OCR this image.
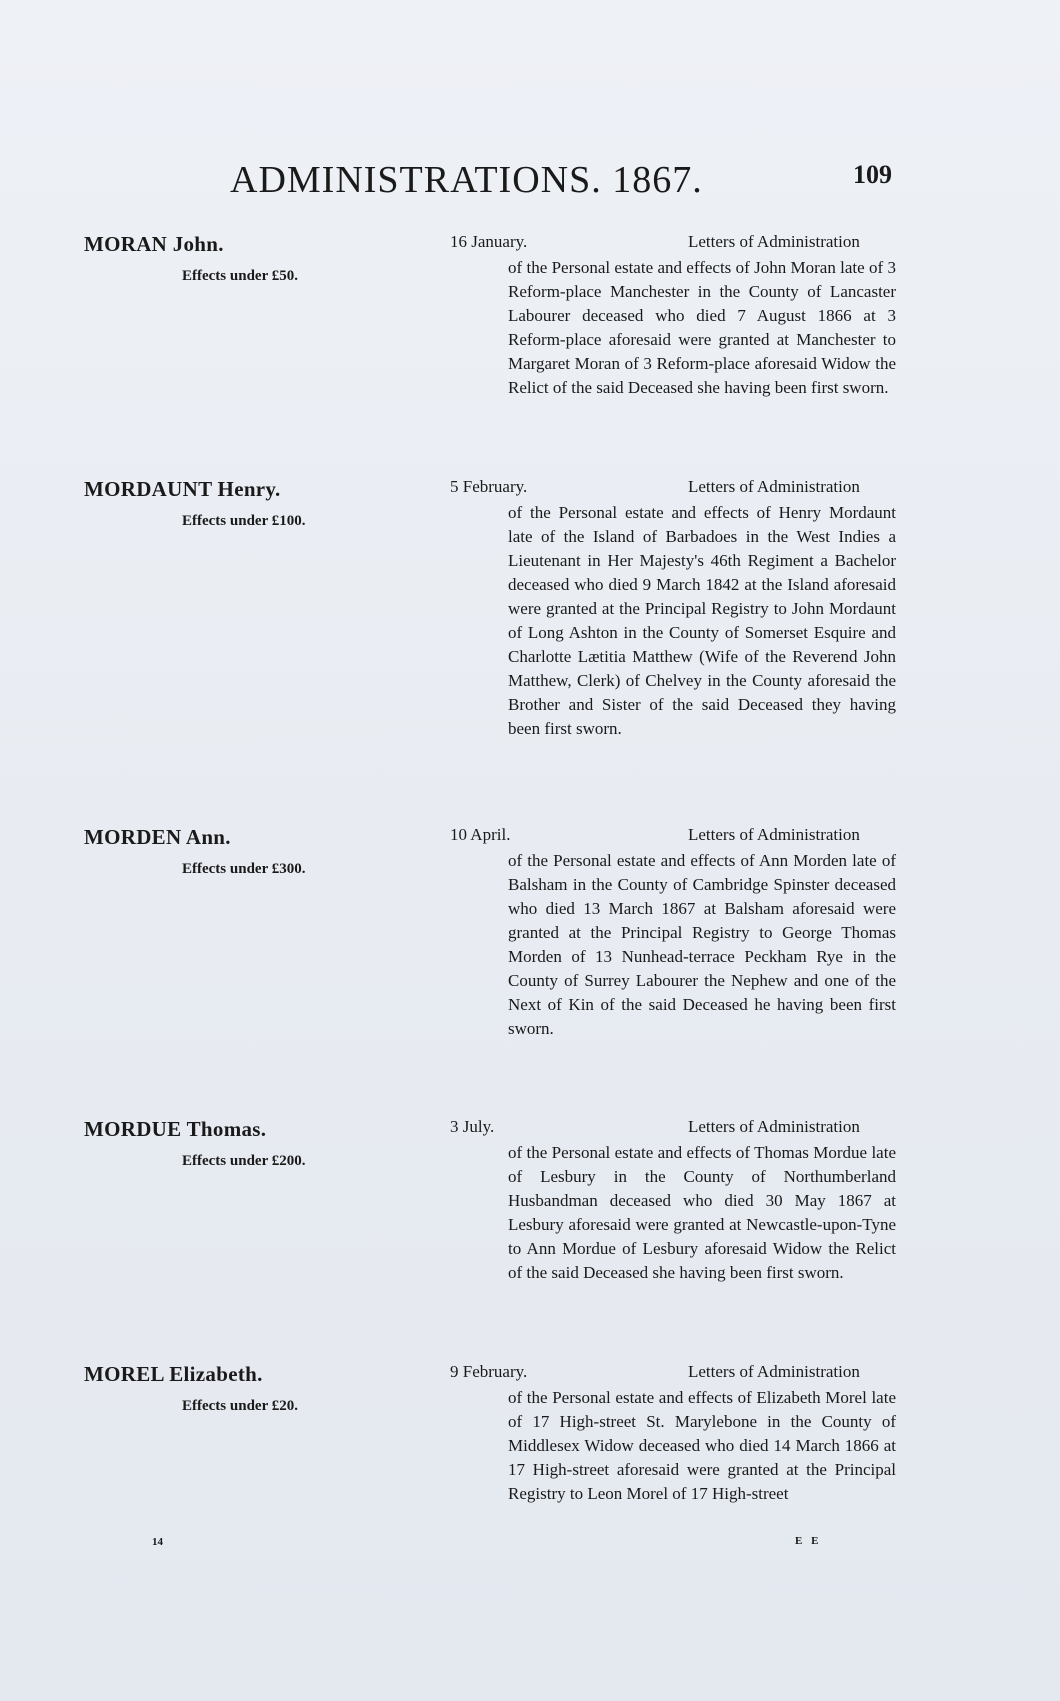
ADMINISTRATIONS. 1867.	109
MORAN John.
Effects under £50.
16 January.	Letters of Administration
of the Personal estate and effects of John Moran late of 3 Reform-place Manchester in the County of Lancaster Labourer deceased who died 7 August 1866 at 3 Reform-place aforesaid were granted at Manchester to Margaret Moran of 3 Reform-place aforesaid Widow the Relict of the said Deceased she having been first sworn.
MORDAUNT Henry.
Effects under £100.
5 February.	Letters of Administration
of the Personal estate and effects of Henry Mordaunt late of the Island of Barbadoes in the West Indies a Lieutenant in Her Majesty's 46th Regiment a Bachelor deceased who died 9 March 1842 at the Island aforesaid were granted at the Principal Registry to John Mordaunt of Long Ashton in the County of Somerset Esquire and Charlotte Lætitia Matthew (Wife of the Reverend John Matthew, Clerk) of Chelvey in the County aforesaid the Brother and Sister of the said Deceased they having been first sworn.
MORDEN Ann.
Effects under £300.
10 April.	Letters of Administration
of the Personal estate and effects of Ann Morden late of Balsham in the County of Cambridge Spinster deceased who died 13 March 1867 at Balsham aforesaid were granted at the Principal Registry to George Thomas Morden of 13 Nunhead-terrace Peckham Rye in the County of Surrey Labourer the Nephew and one of the Next of Kin of the said Deceased he having been first sworn.
MORDUE Thomas.
Effects under £200.
3 July.	Letters of Administration
of the Personal estate and effects of Thomas Mordue late of Lesbury in the County of Northumberland Husbandman deceased who died 30 May 1867 at Lesbury aforesaid were granted at Newcastle-upon-Tyne to Ann Mordue of Lesbury aforesaid Widow the Relict of the said Deceased she having been first sworn.
MOREL Elizabeth.
Effects under £20.
9 February.	Letters of Administration
of the Personal estate and effects of Elizabeth Morel late of 17 High-street St. Marylebone in the County of Middlesex Widow deceased who died 14 March 1866 at 17 High-street aforesaid were granted at the Principal Registry to Leon Morel of 17 High-street
14	E E
